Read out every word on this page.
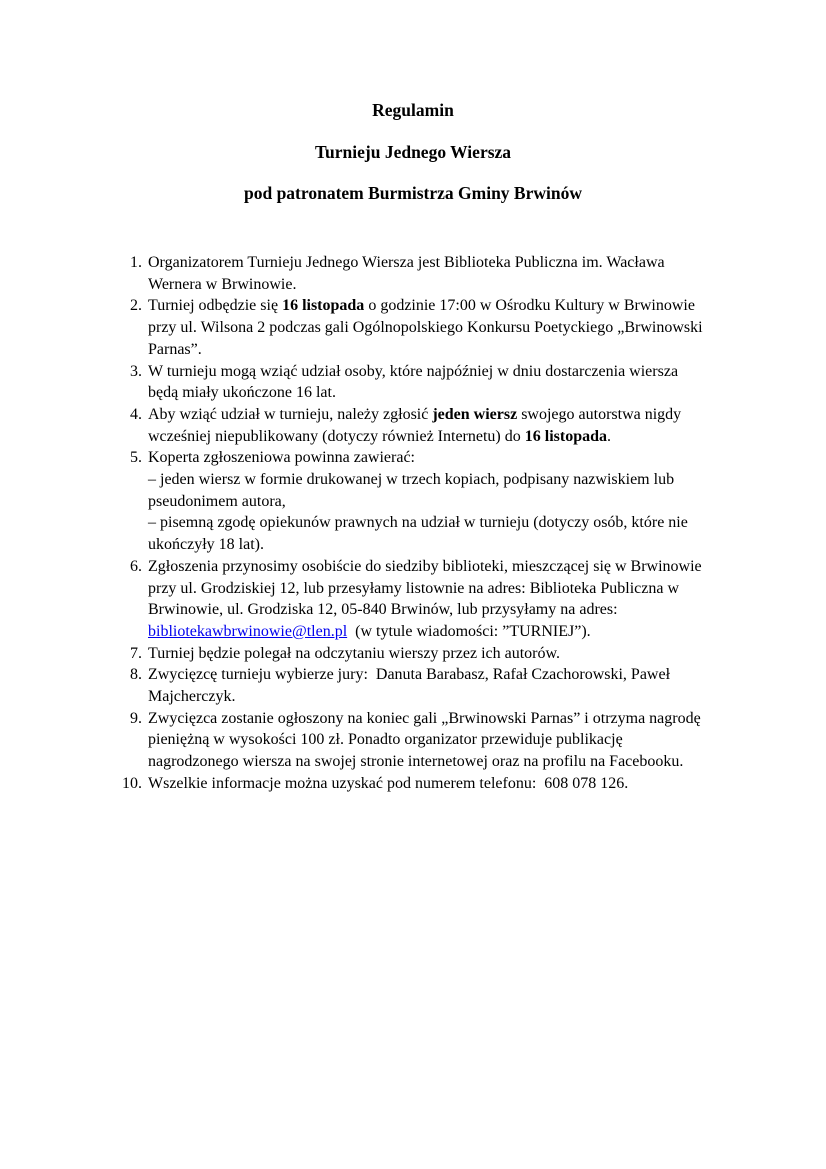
Regulamin

Turnieju Jednego Wiersza

pod patronatem Burmistrza Gminy Brwinów

1. Organizatorem Turnieju Jednego Wiersza jest Biblioteka Publiczna im. Wacława
Wernera w Brwinowie.
2. Turniej odbędzie się 16 listopada o godzinie 17:00 w Ośrodku Kultury w Brwinowie
przy ul. Wilsona 2 podczas gali Ogólnopolskiego Konkursu Poetyckiego „Brwinowski
Parnas”.
3. W turnieju mogą wziąć udział osoby, które najpóźniej w dniu dostarczenia wiersza
będą miały ukończone 16 lat.
4. Aby wziąć udział w turnieju, należy zgłosić jeden wiersz swojego autorstwa nigdy
wcześniej niepublikowany (dotyczy również Internetu) do 16 listopada.
5. Koperta zgłoszeniowa powinna zawierać:
– jeden wiersz w formie drukowanej w trzech kopiach, podpisany nazwiskiem lub
pseudonimem autora,
– pisemną zgodę opiekunów prawnych na udział w turnieju (dotyczy osób, które nie
ukończyły 18 lat).
6. Zgłoszenia przynosimy osobiście do siedziby biblioteki, mieszczącej się w Brwinowie
przy ul. Grodziskiej 12, lub przesyłamy listownie na adres: Biblioteka Publiczna w
Brwinowie, ul. Grodziska 12, 05-840 Brwinów, lub przysyłamy na adres:
bibliotekawbrwinowie@tlen.pl  (w tytule wiadomości: ”TURNIEJ”).
7. Turniej będzie polegał na odczytaniu wierszy przez ich autorów.
8. Zwycięzcę turnieju wybierze jury:  Danuta Barabasz, Rafał Czachorowski, Paweł
Majcherczyk.
9. Zwycięzca zostanie ogłoszony na koniec gali „Brwinowski Parnas” i otrzyma nagrodę
pieniężną w wysokości 100 zł. Ponadto organizator przewiduje publikację
nagrodzonego wiersza na swojej stronie internetowej oraz na profilu na Facebooku.
10. Wszelkie informacje można uzyskać pod numerem telefonu:  608 078 126.
